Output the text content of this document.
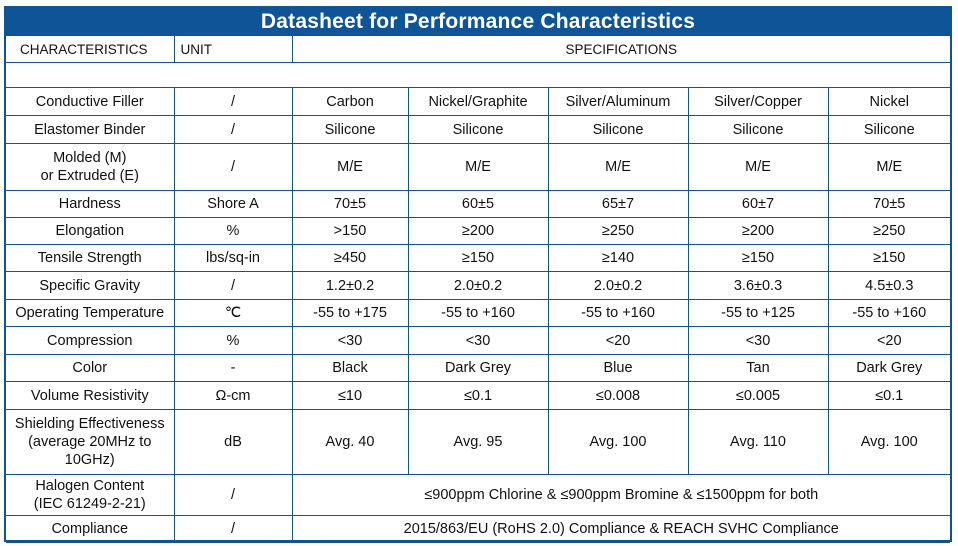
Datasheet for Performance Characteristics
CHARACTERISTICS	UNIT	SPECIFICATIONS				

Conductive Filler	/	Carbon	Nickel/Graphite	Silver/Aluminum	Silver/Copper	Nickel
Elastomer Binder	/	Silicone	Silicone	Silicone	Silicone	Silicone
Molded (M)
or Extruded (E)	/	M/E	M/E	M/E	M/E	M/E
Hardness	Shore A	70±5	60±5	65±7	60±7	70±5
Elongation	%	>150	≥200	≥250	≥200	≥250
Tensile Strength	lbs/sq-in	≥450	≥150	≥140	≥150	≥150
Specific Gravity	/	1.2±0.2	2.0±0.2	2.0±0.2	3.6±0.3	4.5±0.3
Operating Temperature	℃	-55 to +175	-55 to +160	-55 to +160	-55 to +125	-55 to +160
Compression	%	<30	<30	<20	<30	<20
Color	-	Black	Dark Grey	Blue	Tan	Dark Grey
Volume Resistivity	Ω-cm	≤10	≤0.1	≤0.008	≤0.005	≤0.1
Shielding Effectiveness
(average 20MHz to
10GHz)	dB	Avg. 40	Avg. 95	Avg. 100	Avg. 110	Avg. 100
Halogen Content
(IEC 61249-2-21)	/	≤900ppm Chlorine & ≤900ppm Bromine & ≤1500ppm for both				
Compliance	/	2015/863/EU (RoHS 2.0) Compliance & REACH SVHC Compliance				
